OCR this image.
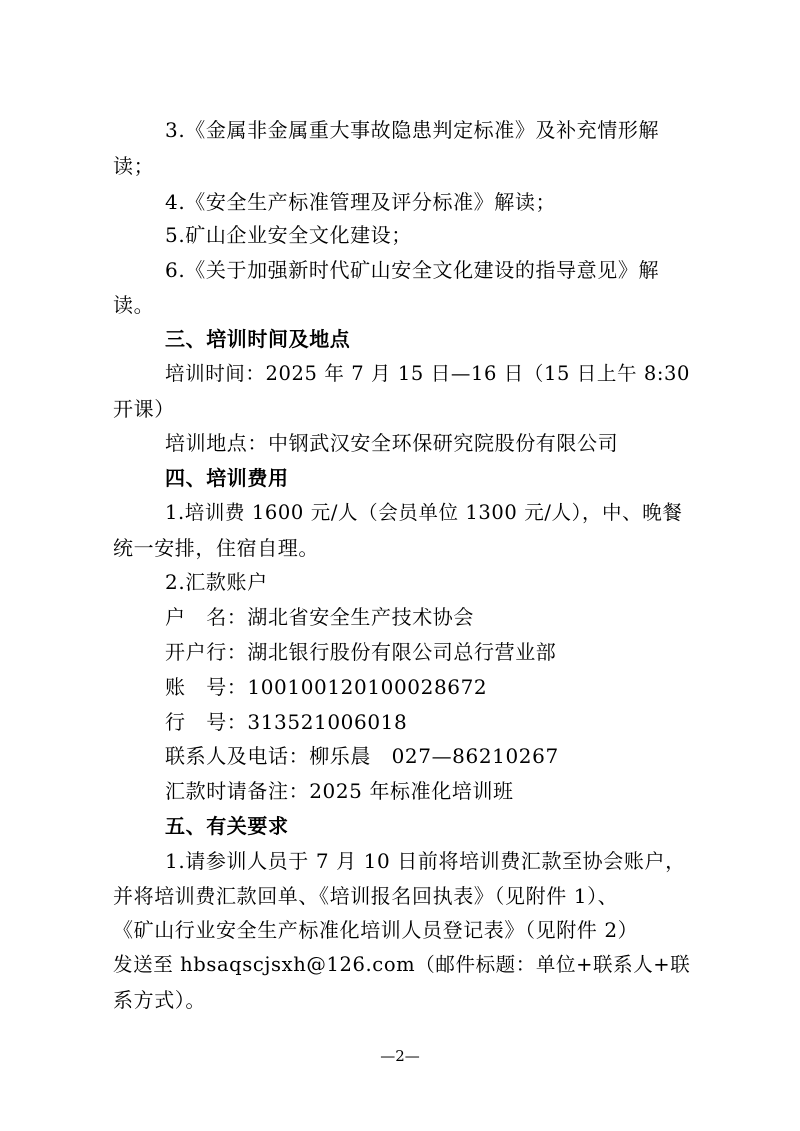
3.《金属非金属重大事故隐患判定标准》及补充情形解
读；
4.《安全生产标准管理及评分标准》解读；
5.矿山企业安全文化建设；
6.《关于加强新时代矿山安全文化建设的指导意见》解
读。
三、培训时间及地点
培训时间：2025 年 7 月 15 日—16 日（15 日上午 8:30
开课）
培训地点：中钢武汉安全环保研究院股份有限公司
四、培训费用
1.培训费 1600 元/人（会员单位 1300 元/人），中、晚餐
统一安排，住宿自理。
2.汇款账户
户　名：湖北省安全生产技术协会
开户行：湖北银行股份有限公司总行营业部
账　号：100100120100028672
行　号：313521006018
联系人及电话：柳乐晨　027—86210267
汇款时请备注：2025 年标准化培训班
五、有关要求
1.请参训人员于 7 月 10 日前将培训费汇款至协会账户，
并将培训费汇款回单、《培训报名回执表》（见附件 1）、
《矿山行业安全生产标准化培训人员登记表》（见附件 2）
发送至 hbsaqscjsxh@126.com（邮件标题：单位+联系人+联
系方式）。
—2—
